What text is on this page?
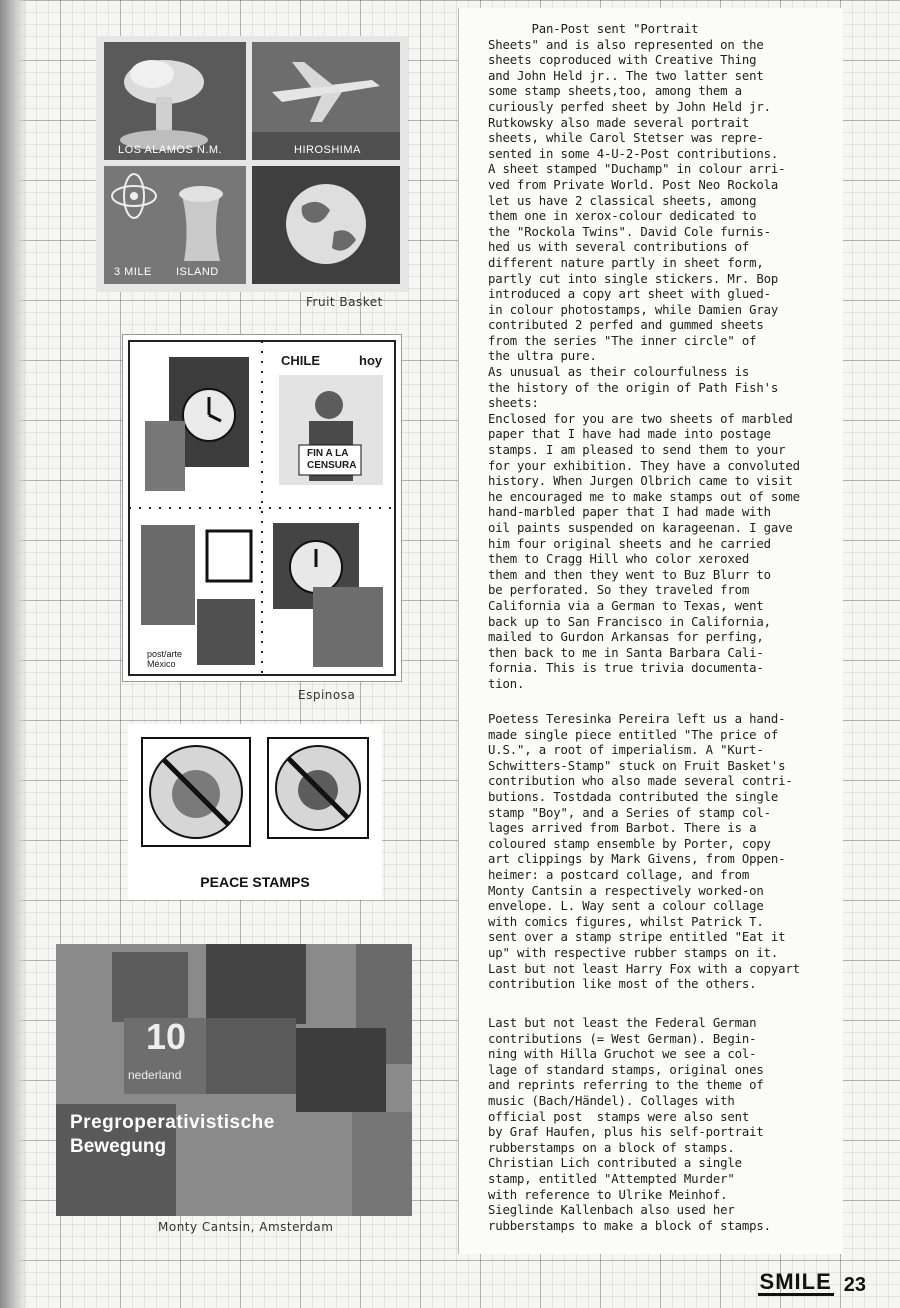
LOS ALAMOS N.M.	HIROSHIMA
3 MILE ISLAND
Fruit Basket
CHILE	hoy
FIN A LA
CENSURA
post/arte
México
Espinosa
PEACE STAMPS
10
nederland
Pregroperativistische
Bewegung
Monty Cantsin, Amsterdam
Pan-Post sent "Portrait
Sheets" and is also represented on the
sheets coproduced with Creative Thing
and John Held jr.. The two latter sent
some stamp sheets,too, among them a
curiously perfed sheet by John Held jr.
Rutkowsky also made several portrait
sheets, while Carol Stetser was repre-
sented in some 4-U-2-Post contributions.
A sheet stamped "Duchamp" in colour arri-
ved from Private World. Post Neo Rockola
let us have 2 classical sheets, among
them one in xerox-colour dedicated to
the "Rockola Twins". David Cole furnis-
hed us with several contributions of
different nature partly in sheet form,
partly cut into single stickers. Mr. Bop
introduced a copy art sheet with glued-
in colour photostamps, while Damien Gray
contributed 2 perfed and gummed sheets
from the series "The inner circle" of
the ultra pure.
As unusual as their colourfulness is
the history of the origin of Path Fish's
sheets:
Enclosed for you are two sheets of marbled
paper that I have had made into postage
stamps. I am pleased to send them to your
for your exhibition. They have a convoluted
history. When Jurgen Olbrich came to visit
he encouraged me to make stamps out of some
hand-marbled paper that I had made with
oil paints suspended on karageenan. I gave
him four original sheets and he carried
them to Cragg Hill who color xeroxed
them and then they went to Buz Blurr to
be perforated. So they traveled from
California via a German to Texas, went
back up to San Francisco in California,
mailed to Gurdon Arkansas for perfing,
then back to me in Santa Barbara Cali-
fornia. This is true trivia documenta-
tion.
Poetess Teresinka Pereira left us a hand-
made single piece entitled "The price of
U.S.", a root of imperialism. A "Kurt-
Schwitters-Stamp" stuck on Fruit Basket's
contribution who also made several contri-
butions. Tostdada contributed the single
stamp "Boy", and a Series of stamp col-
lages arrived from Barbot. There is a
coloured stamp ensemble by Porter, copy
art clippings by Mark Givens, from Oppen-
heimer: a postcard collage, and from
Monty Cantsin a respectively worked-on
envelope. L. Way sent a colour collage
with comics figures, whilst Patrick T.
sent over a stamp stripe entitled "Eat it
up" with respective rubber stamps on it.
Last but not least Harry Fox with a copyart
contribution like most of the others.
Last but not least the Federal German
contributions (= West German). Begin-
ning with Hilla Gruchot we see a col-
lage of standard stamps, original ones
and reprints referring to the theme of
music (Bach/Händel). Collages with
official post  stamps were also sent
by Graf Haufen, plus his self-portrait
rubberstamps on a block of stamps.
Christian Lich contributed a single
stamp, entitled "Attempted Murder"
with reference to Ulrike Meinhof.
Sieglinde Kallenbach also used her
rubberstamps to make a block of stamps.
SMILE 23
